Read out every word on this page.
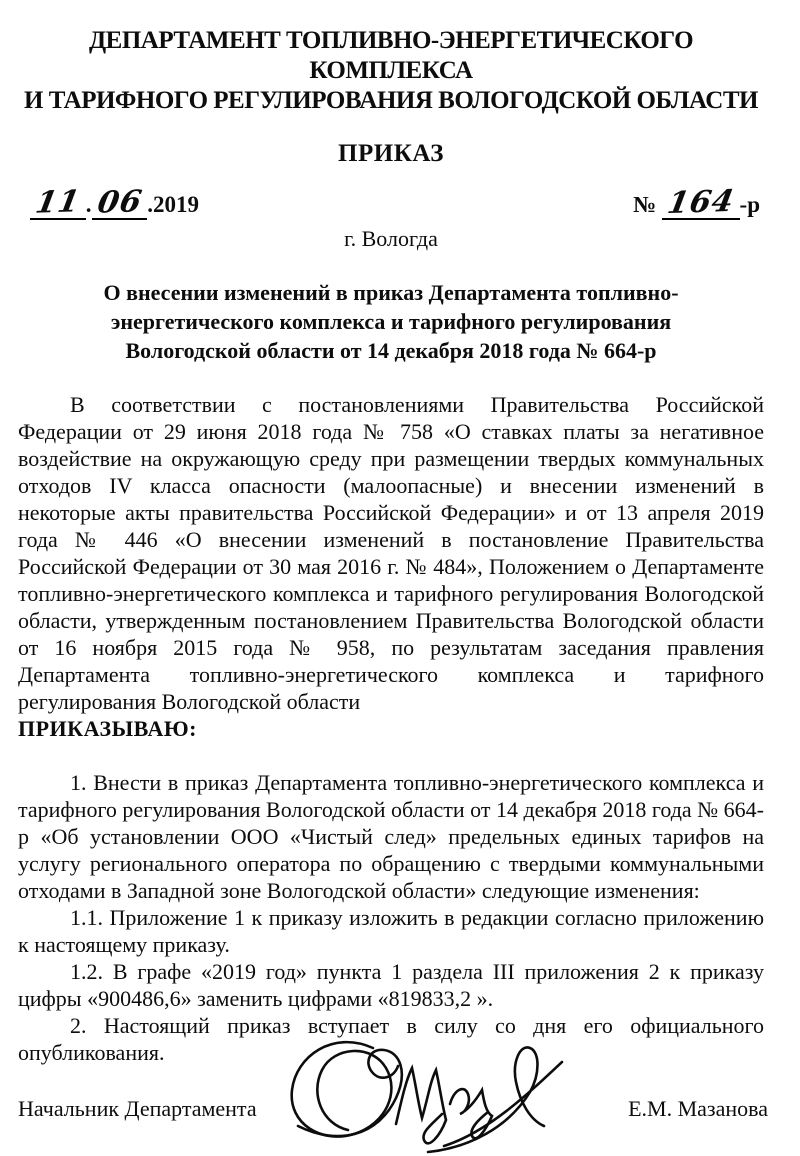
ДЕПАРТАМЕНТ ТОПЛИВНО-ЭНЕРГЕТИЧЕСКОГО КОМПЛЕКСА
И ТАРИФНОГО РЕГУЛИРОВАНИЯ ВОЛОГОДСКОЙ ОБЛАСТИ
ПРИКАЗ
11 .06 .2019	№ 164 -р
г. Вологда
О внесении изменений в приказ Департамента топливно-энергетического комплекса и тарифного регулирования Вологодской области от 14 декабря 2018 года № 664-р

В соответствии с постановлениями Правительства Российской Федерации от 29 июня 2018 года № 758 «О ставках платы за негативное воздействие на окружающую среду при размещении твердых коммунальных отходов IV класса опасности (малоопасные) и внесении изменений в некоторые акты правительства Российской Федерации» и от 13 апреля 2019 года № 446 «О внесении изменений в постановление Правительства Российской Федерации от 30 мая 2016 г. № 484», Положением о Департаменте топливно-энергетического комплекса и тарифного регулирования Вологодской области, утвержденным постановлением Правительства Вологодской области от 16 ноября 2015 года № 958, по результатам заседания правления Департамента топливно-энергетического комплекса и тарифного регулирования Вологодской области

ПРИКАЗЫВАЮ:

1. Внести в приказ Департамента топливно-энергетического комплекса и тарифного регулирования Вологодской области от 14 декабря 2018 года № 664-р «Об установлении ООО «Чистый след» предельных единых тарифов на услугу регионального оператора по обращению с твердыми коммунальными отходами в Западной зоне Вологодской области» следующие изменения:

1.1. Приложение 1 к приказу изложить в редакции согласно приложению к настоящему приказу.

1.2. В графе «2019 год» пункта 1 раздела III приложения 2 к приказу цифры «900486,6» заменить цифрами «819833,2 ».

2. Настоящий приказ вступает в силу со дня его официального опубликования.

Начальник Департамента	Е.М. Мазанова
